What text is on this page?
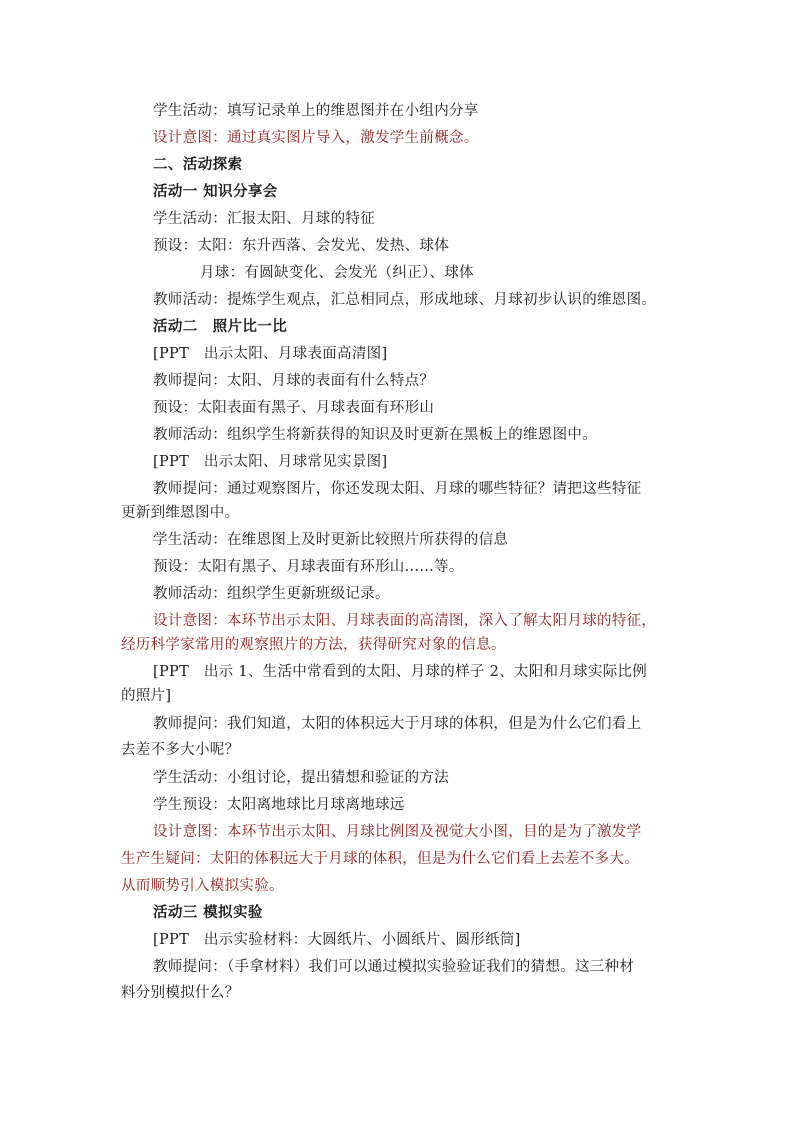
学生活动：填写记录单上的维恩图并在小组内分享
设计意图：通过真实图片导入，激发学生前概念。
二、活动探索
活动一 知识分享会
学生活动：汇报太阳、月球的特征
预设：太阳：东升西落、会发光、发热、球体
月球：有圆缺变化、会发光（纠正）、球体
教师活动：提炼学生观点，汇总相同点，形成地球、月球初步认识的维恩图。
活动二　照片比一比
[PPT　出示太阳、月球表面高清图]
教师提问：太阳、月球的表面有什么特点？
预设：太阳表面有黑子、月球表面有环形山
教师活动：组织学生将新获得的知识及时更新在黑板上的维恩图中。
[PPT　出示太阳、月球常见实景图]
教师提问：通过观察图片，你还发现太阳、月球的哪些特征？请把这些特征
更新到维恩图中。
学生活动：在维恩图上及时更新比较照片所获得的信息
预设：太阳有黑子、月球表面有环形山......等。
教师活动：组织学生更新班级记录。
设计意图：本环节出示太阳、月球表面的高清图，深入了解太阳月球的特征，
经历科学家常用的观察照片的方法，获得研究对象的信息。
[PPT　出示 1、生活中常看到的太阳、月球的样子 2、太阳和月球实际比例
的照片]
教师提问：我们知道，太阳的体积远大于月球的体积，但是为什么它们看上
去差不多大小呢？
学生活动：小组讨论，提出猜想和验证的方法
学生预设：太阳离地球比月球离地球远
设计意图：本环节出示太阳、月球比例图及视觉大小图，目的是为了激发学
生产生疑问：太阳的体积远大于月球的体积，但是为什么它们看上去差不多大。
从而顺势引入模拟实验。
活动三 模拟实验
[PPT　出示实验材料：大圆纸片、小圆纸片、圆形纸筒]
教师提问：（手拿材料）我们可以通过模拟实验验证我们的猜想。这三种材
料分别模拟什么？
